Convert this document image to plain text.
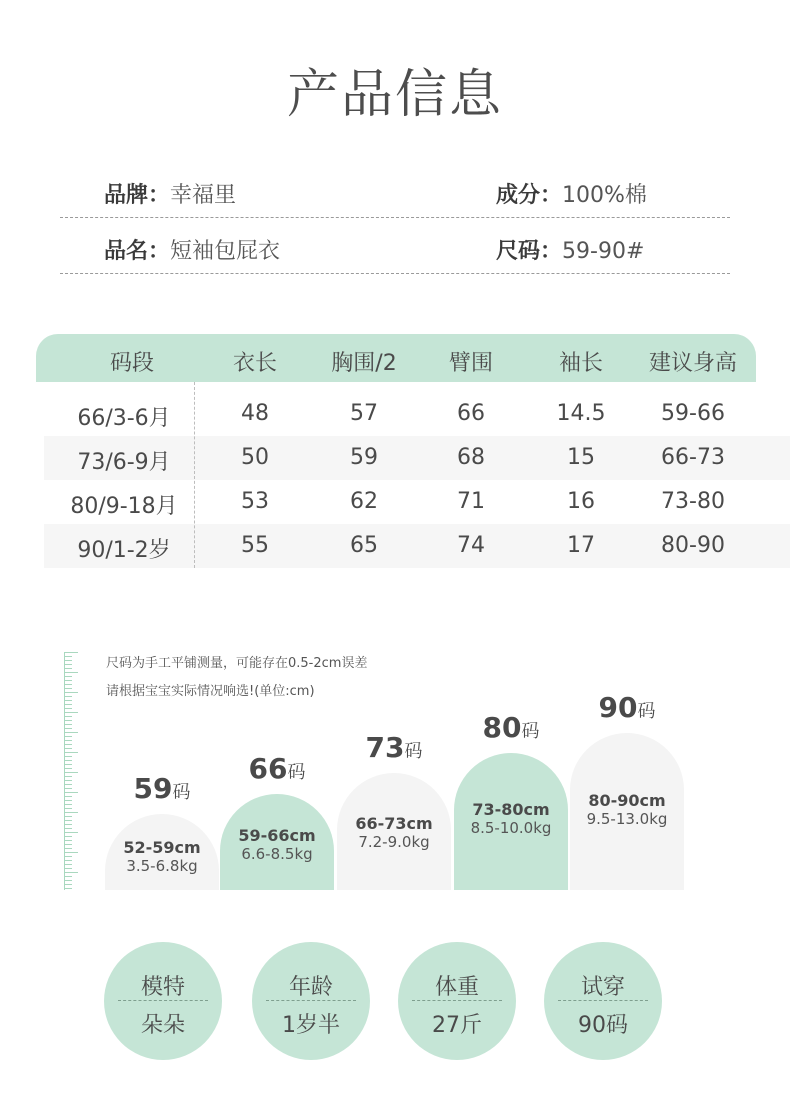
产品信息
品牌：幸福里	成分：100%棉
品名：短袖包屁衣	尺码：59-90#
码段	衣长	胸围/2	臂围	袖长	建议身高
66/3-6月	48	57	66	14.5	59-66
73/6-9月	50	59	68	15	66-73
80/9-18月	53	62	71	16	73-80
90/1-2岁	55	65	74	17	80-90
尺码为手工平铺测量，可能存在0.5-2cm误差
请根据宝宝实际情况响选!(单位:cm)
59码
52-59cm
3.5-6.8kg
66码
59-66cm
6.6-8.5kg
73码
66-73cm
7.2-9.0kg
80码
73-80cm
8.5-10.0kg
90码
80-90cm
9.5-13.0kg
模特
朵朵
年龄
1岁半
体重
27斤
试穿
90码
